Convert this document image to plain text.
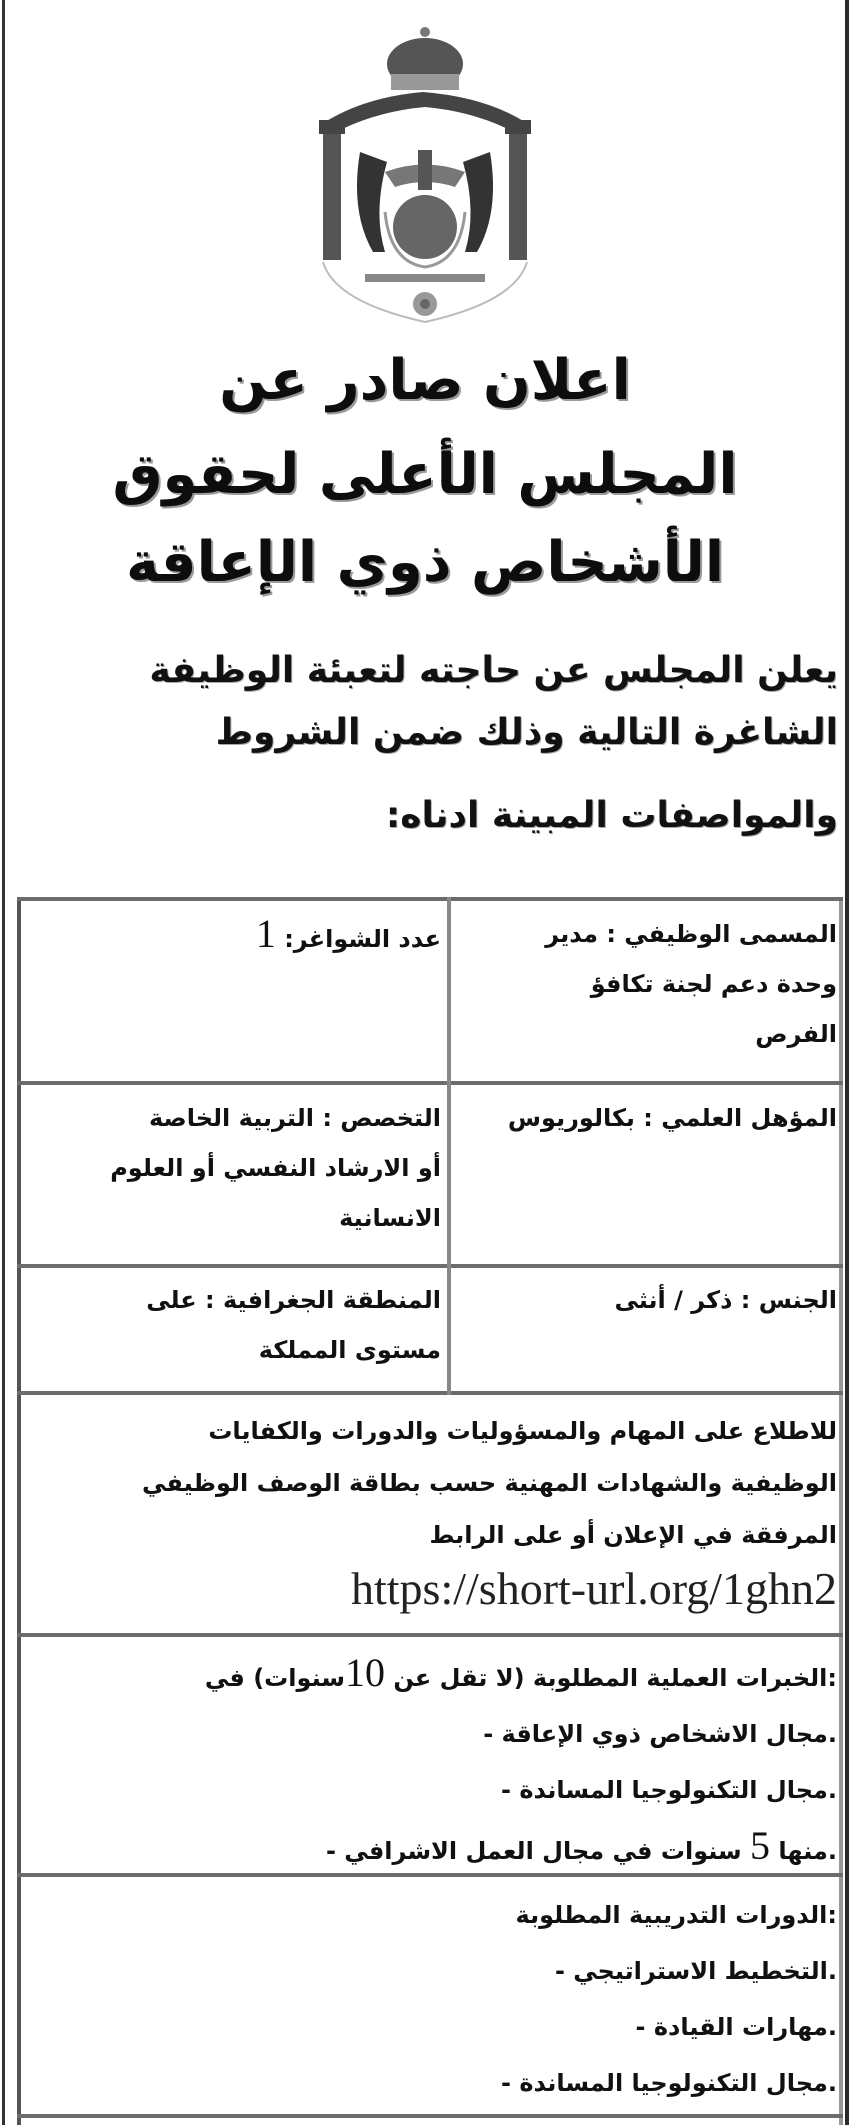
اعلان صادر عن
المجلس الأعلى لحقوق
الأشخاص ذوي الإعاقة
يعلن المجلس عن حاجته لتعبئة الوظيفة
الشاغرة التالية وذلك ضمن الشروط
والمواصفات المبينة ادناه:
المسمى الوظيفي : مدير
وحدة دعم لجنة تكافؤ
الفرص
عدد الشواغر: 1
المؤهل العلمي : بكالوريوس
التخصص : التربية الخاصة
أو الارشاد النفسي أو العلوم
الانسانية
الجنس : ذكر / أنثى
المنطقة الجغرافية : على
مستوى المملكة
للاطلاع على المهام والمسؤوليات والدورات والكفايات
الوظيفية والشهادات المهنية حسب بطاقة الوصف الوظيفي
المرفقة في الإعلان أو على الرابط
https://short-url.org/1ghn2
:الخبرات العملية المطلوبة (لا تقل عن 10سنوات) في
.مجال الاشخاص ذوي الإعاقة -
.مجال التكنولوجيا المساندة -
.منها 5 سنوات في مجال العمل الاشرافي -
:الدورات التدريبية المطلوبة
.التخطيط الاستراتيجي -
.مهارات القيادة -
.مجال التكنولوجيا المساندة -
